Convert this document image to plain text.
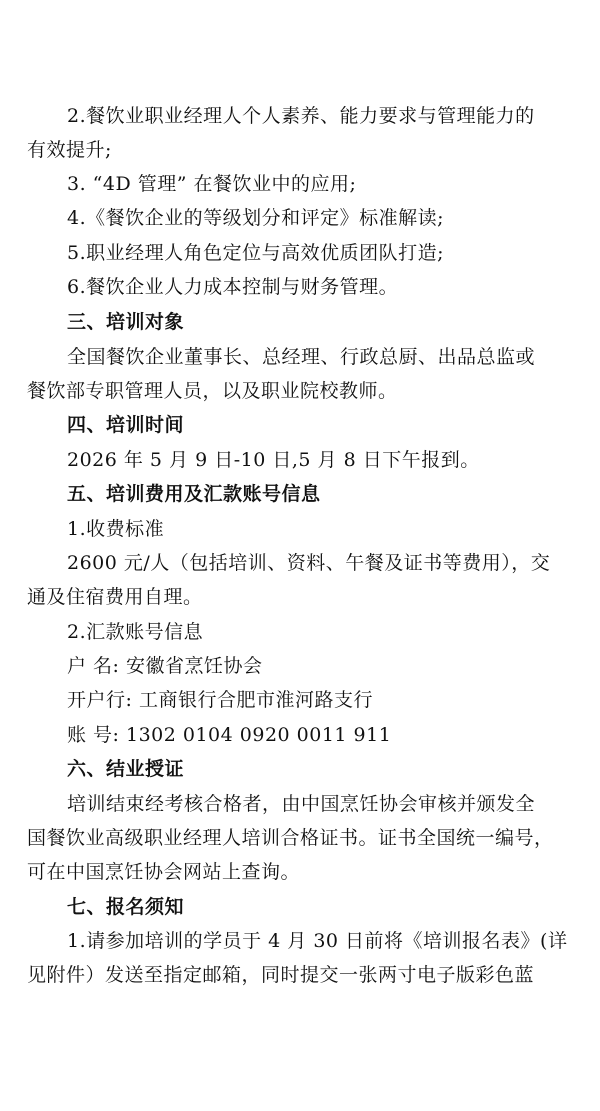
2.餐饮业职业经理人个人素养、能力要求与管理能力的
有效提升;
3. “4D 管理” 在餐饮业中的应用;
4.《餐饮企业的等级划分和评定》标准解读;
5.职业经理人角色定位与高效优质团队打造;
6.餐饮企业人力成本控制与财务管理。
三、培训对象
全国餐饮企业董事长、总经理、行政总厨、出品总监或
餐饮部专职管理人员，以及职业院校教师。
四、培训时间
2026 年 5 月 9 日-10 日,5 月 8 日下午报到。
五、培训费用及汇款账号信息
1.收费标准
2600 元/人（包括培训、资料、午餐及证书等费用），交
通及住宿费用自理。
2.汇款账号信息
户 名: 安徽省烹饪协会
开户行: 工商银行合肥市淮河路支行
账 号: 1302 0104 0920 0011 911
六、结业授证
培训结束经考核合格者，由中国烹饪协会审核并颁发全
国餐饮业高级职业经理人培训合格证书。证书全国统一编号，
可在中国烹饪协会网站上查询。
七、报名须知
1.请参加培训的学员于 4 月 30 日前将《培训报名表》(详
见附件）发送至指定邮箱，同时提交一张两寸电子版彩色蓝
